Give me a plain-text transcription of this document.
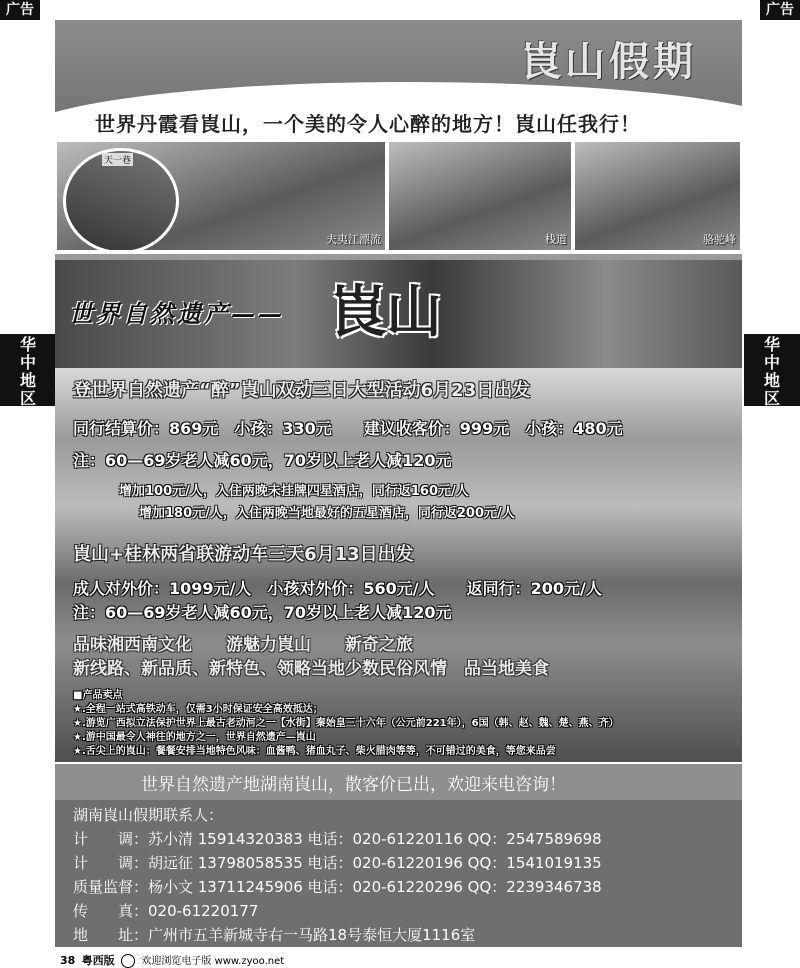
广告	广告
华中地区
华中地区
崀山假期
世界丹霞看崀山，一个美的令人心醉的地方！崀山任我行！
天一巷
夫夷江漂流	栈道	骆驼峰
世界自然遗产—— 崀山
登世界自然遗产“醉”崀山双动三日大型活动6月23日出发
同行结算价：869元　小孩：330元　　建议收客价：999元　小孩：480元
注：60—69岁老人减60元，70岁以上老人减120元
增加100元/人，入住两晚未挂牌四星酒店，同行返160元/人
增加180元/人，入住两晚当地最好的五星酒店，同行返200元/人
崀山+桂林两省联游动车三天6月13日出发
成人对外价：1099元/人　小孩对外价：560元/人　　返同行：200元/人
注：60—69岁老人减60元，70岁以上老人减120元
品味湘西南文化　　游魅力崀山　　新奇之旅
新线路、新品质、新特色、领略当地少数民俗风情　品当地美食
■产品卖点
★.全程一站式高铁动车，仅需3小时保证安全高效抵达；
★.游览广西拟立法保护世界上最古老动河之一【水街】秦始皇三十六年（公元前221年），6国（韩、赵、魏、楚、燕、齐）
★.游中国最令人神往的地方之一，世界自然遗产—崀山
★.舌尖上的崀山：餐餐安排当地特色风味：血酱鸭、猪血丸子、柴火腊肉等等，不可错过的美食，等您来品尝
世界自然遗产地湖南崀山，散客价已出，欢迎来电咨询！
湖南崀山假期联系人：
计　　调：苏小清 15914320383 电话：020-61220116 QQ：2547589698
计　　调：胡远征 13798058535 电话：020-61220196 QQ：1541019135
质量监督：杨小文 13711245906 电话：020-61220296 QQ：2239346738
传　　真：020-61220177
地　　址：广州市五羊新城寺右一马路18号泰恒大厦1116室
38 粤西版	欢迎浏览电子版 www.zyoo.net
